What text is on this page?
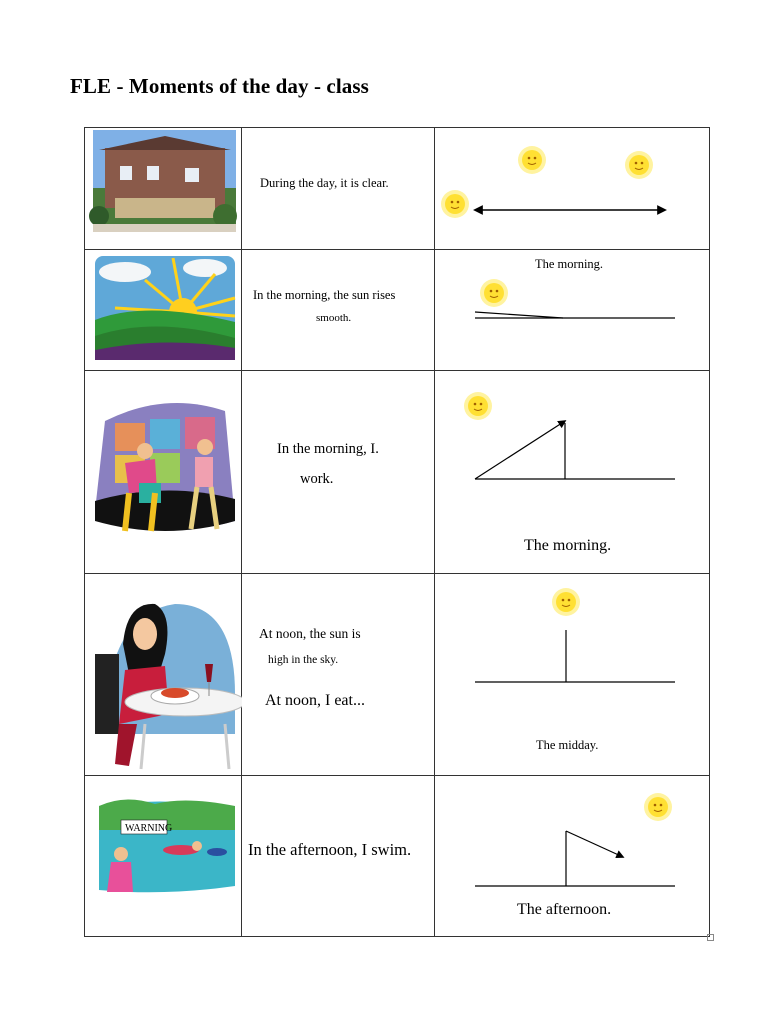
FLE - Moments of the day - class

During the day, it is clear.

In the morning, the sun rises
smooth.	The morning.

In the morning, I.
work.	The morning.

At noon, the sun is
high in the sky.
At noon, I eat...	The midday.

WARNING	In the afternoon, I swim.	The afternoon.
